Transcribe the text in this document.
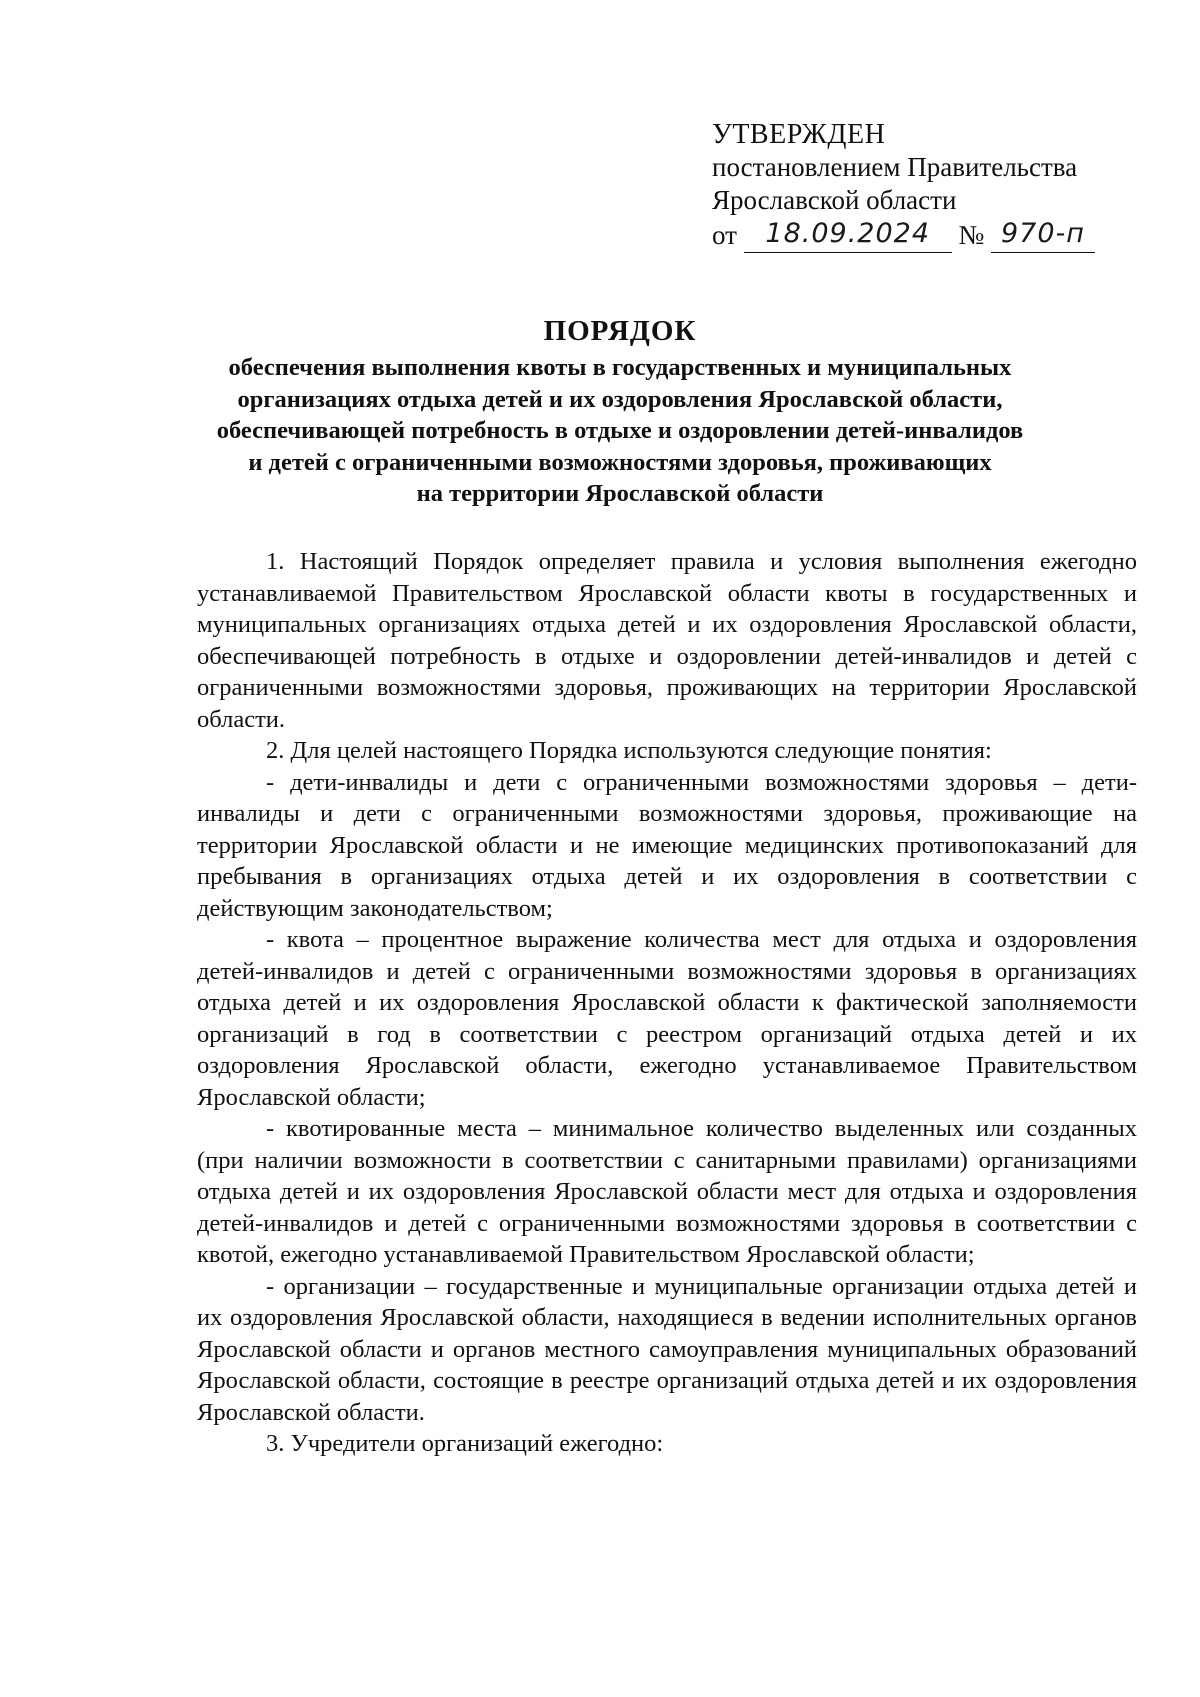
УТВЕРЖДЕН
постановлением Правительства
Ярославской области
от 18.09.2024 № 970-п
ПОРЯДОК
обеспечения выполнения квоты в государственных и муниципальных
организациях отдыха детей и их оздоровления Ярославской области,
обеспечивающей потребность в отдыхе и оздоровлении детей-инвалидов
и детей с ограниченными возможностями здоровья, проживающих
на территории Ярославской области

1. Настоящий Порядок определяет правила и условия выполнения ежегодно устанавливаемой Правительством Ярославской области квоты в государственных и муниципальных организациях отдыха детей и их оздоровления Ярославской области, обеспечивающей потребность в отдыхе и оздоровлении детей-инвалидов и детей с ограниченными возможностями здоровья, проживающих на территории Ярославской области.

2. Для целей настоящего Порядка используются следующие понятия:

- дети-инвалиды и дети с ограниченными возможностями здоровья – дети-инвалиды и дети с ограниченными возможностями здоровья, проживающие на территории Ярославской области и не имеющие медицинских противопоказаний для пребывания в организациях отдыха детей и их оздоровления в соответствии с действующим законодательством;

- квота – процентное выражение количества мест для отдыха и оздоровления детей-инвалидов и детей с ограниченными возможностями здоровья в организациях отдыха детей и их оздоровления Ярославской области к фактической заполняемости организаций в год в соответствии с реестром организаций отдыха детей и их оздоровления Ярославской области, ежегодно устанавливаемое Правительством Ярославской области;

- квотированные места – минимальное количество выделенных или созданных (при наличии возможности в соответствии с санитарными правилами) организациями отдыха детей и их оздоровления Ярославской области мест для отдыха и оздоровления детей-инвалидов и детей с ограниченными возможностями здоровья в соответствии с квотой, ежегодно устанавливаемой Правительством Ярославской области;

- организации – государственные и муниципальные организации отдыха детей и их оздоровления Ярославской области, находящиеся в ведении исполнительных органов Ярославской области и органов местного самоуправления муниципальных образований Ярославской области, состоящие в реестре организаций отдыха детей и их оздоровления Ярославской области.

3. Учредители организаций ежегодно:
